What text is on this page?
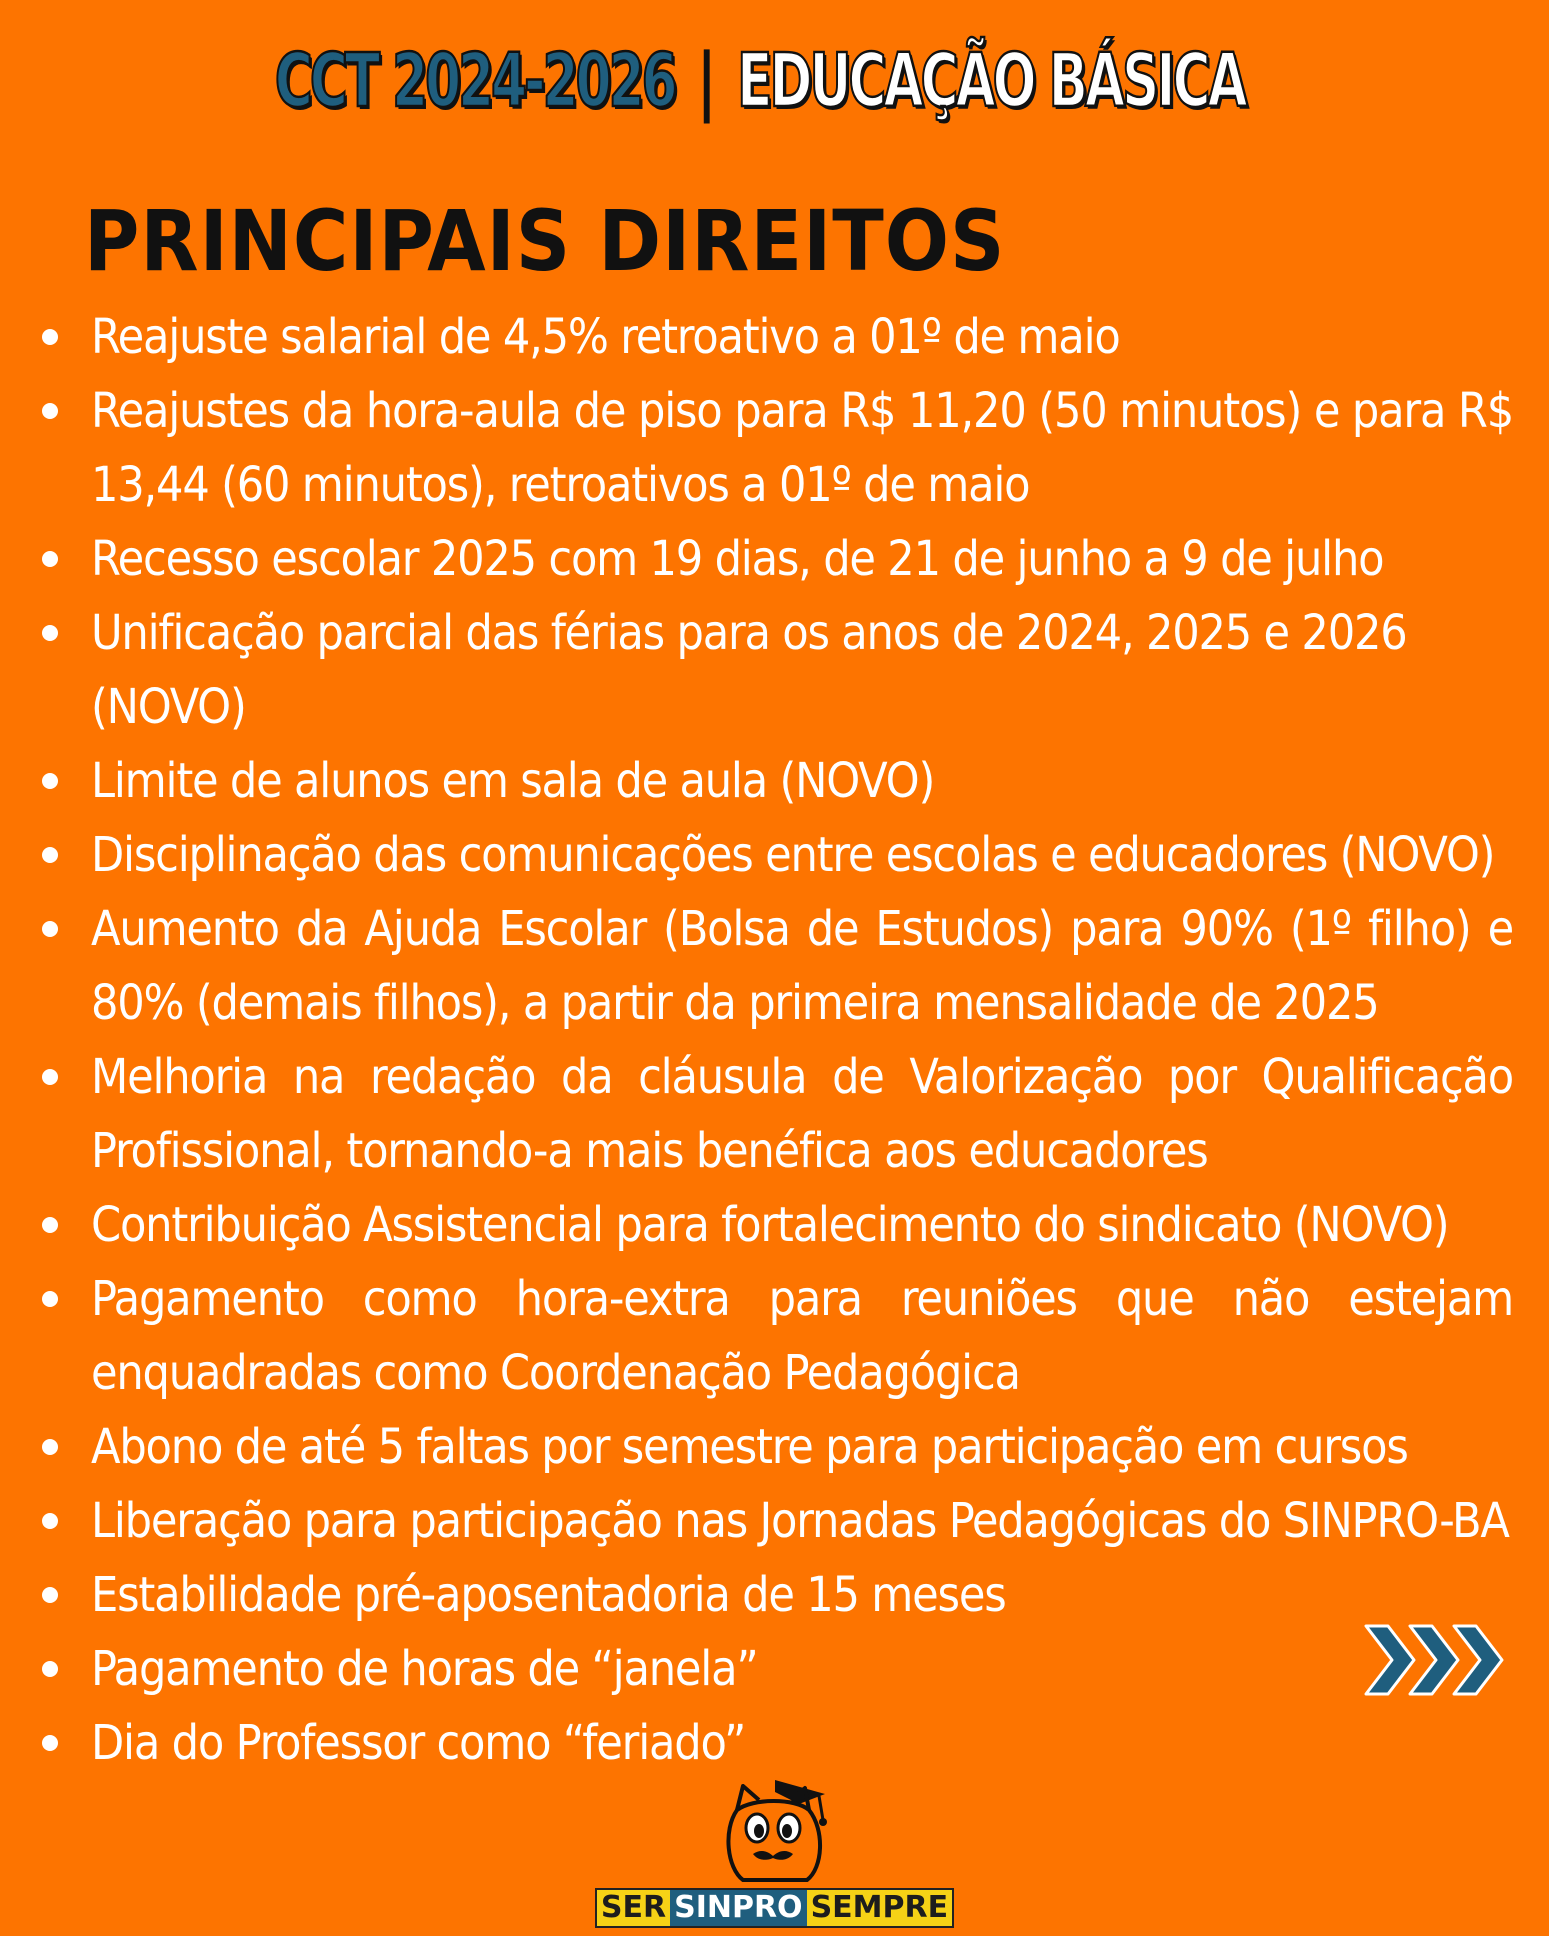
CCT 2024-2026 | EDUCAÇÃO BÁSICA
PRINCIPAIS DIREITOS
Reajuste salarial de 4,5% retroativo a 01º de maio
Reajustes da hora-aula de piso para R$ 11,20 (50 minutos) e para R$ 13,44 (60 minutos), retroativos a 01º de maio
Recesso escolar 2025 com 19 dias, de 21 de junho a 9 de julho
Unificação parcial das férias para os anos de 2024, 2025 e 2026 (NOVO)
Limite de alunos em sala de aula (NOVO)
Disciplinação das comunicações entre escolas e educadores (NOVO)
Aumento da Ajuda Escolar (Bolsa de Estudos) para 90% (1º filho) e 80% (demais filhos), a partir da primeira mensalidade de 2025
Melhoria na redação da cláusula de Valorização por Qualificação Profissional, tornando-a mais benéfica aos educadores
Contribuição Assistencial para fortalecimento do sindicato (NOVO)
Pagamento como hora-extra para reuniões que não estejam enquadradas como Coordenação Pedagógica
Abono de até 5 faltas por semestre para participação em cursos
Liberação para participação nas Jornadas Pedagógicas do SINPRO-BA
Estabilidade pré-aposentadoria de 15 meses
Pagamento de horas de “janela”
Dia do Professor como “feriado”
SER SINPRO SEMPRE
